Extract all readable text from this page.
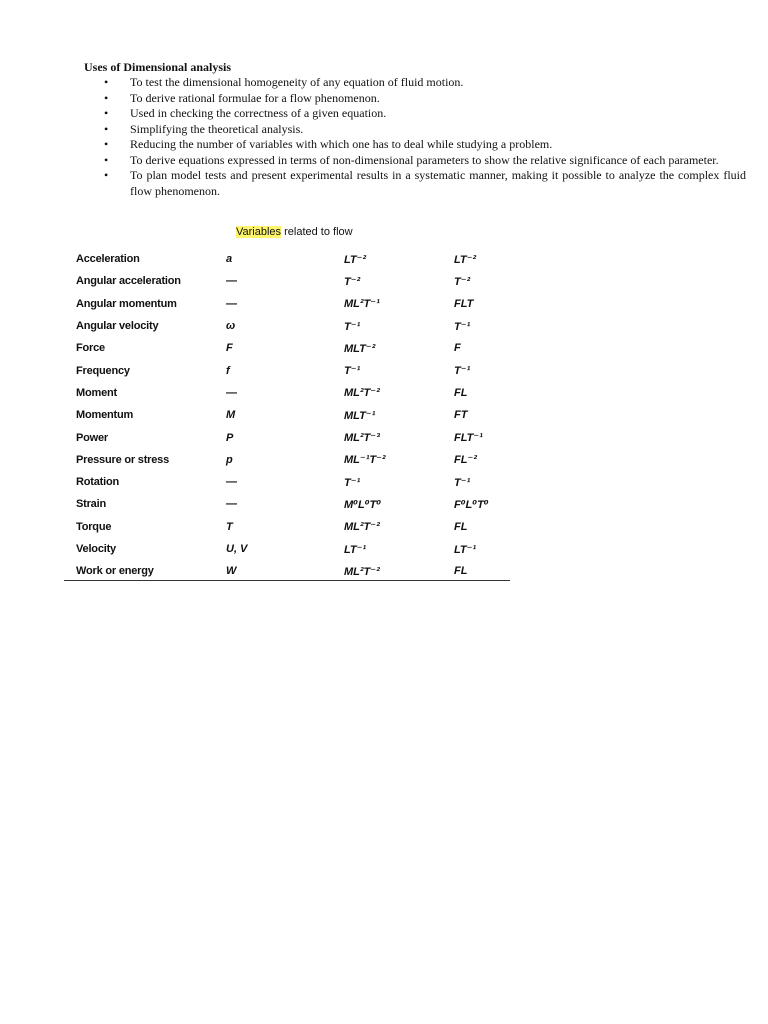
Uses of Dimensional analysis

• To test the dimensional homogeneity of any equation of fluid motion.
• To derive rational formulae for a flow phenomenon.
• Used in checking the correctness of a given equation.
• Simplifying the theoretical analysis.
• Reducing the number of variables with which one has to deal while studying a problem.
• To derive equations expressed in terms of non-dimensional parameters to show the relative significance of each parameter.
• To plan model tests and present experimental results in a systematic manner, making it possible to analyze the complex fluid flow phenomenon.
Variables related to flow
Acceleration	a	LT⁻²	LT⁻²
Angular acceleration	—	T⁻²	T⁻²
Angular momentum	—	ML²T⁻¹	FLT
Angular velocity	ω	T⁻¹	T⁻¹
Force	F	MLT⁻²	F
Frequency	f	T⁻¹	T⁻¹
Moment	—	ML²T⁻²	FL
Momentum	M	MLT⁻¹	FT
Power	P	ML²T⁻³	FLT⁻¹
Pressure or stress	p	ML⁻¹T⁻²	FL⁻²
Rotation	—	T⁻¹	T⁻¹
Strain	—	M⁰L⁰T⁰	F⁰L⁰T⁰
Torque	T	ML²T⁻²	FL
Velocity	U, V	LT⁻¹	LT⁻¹
Work or energy	W	ML²T⁻²	FL
